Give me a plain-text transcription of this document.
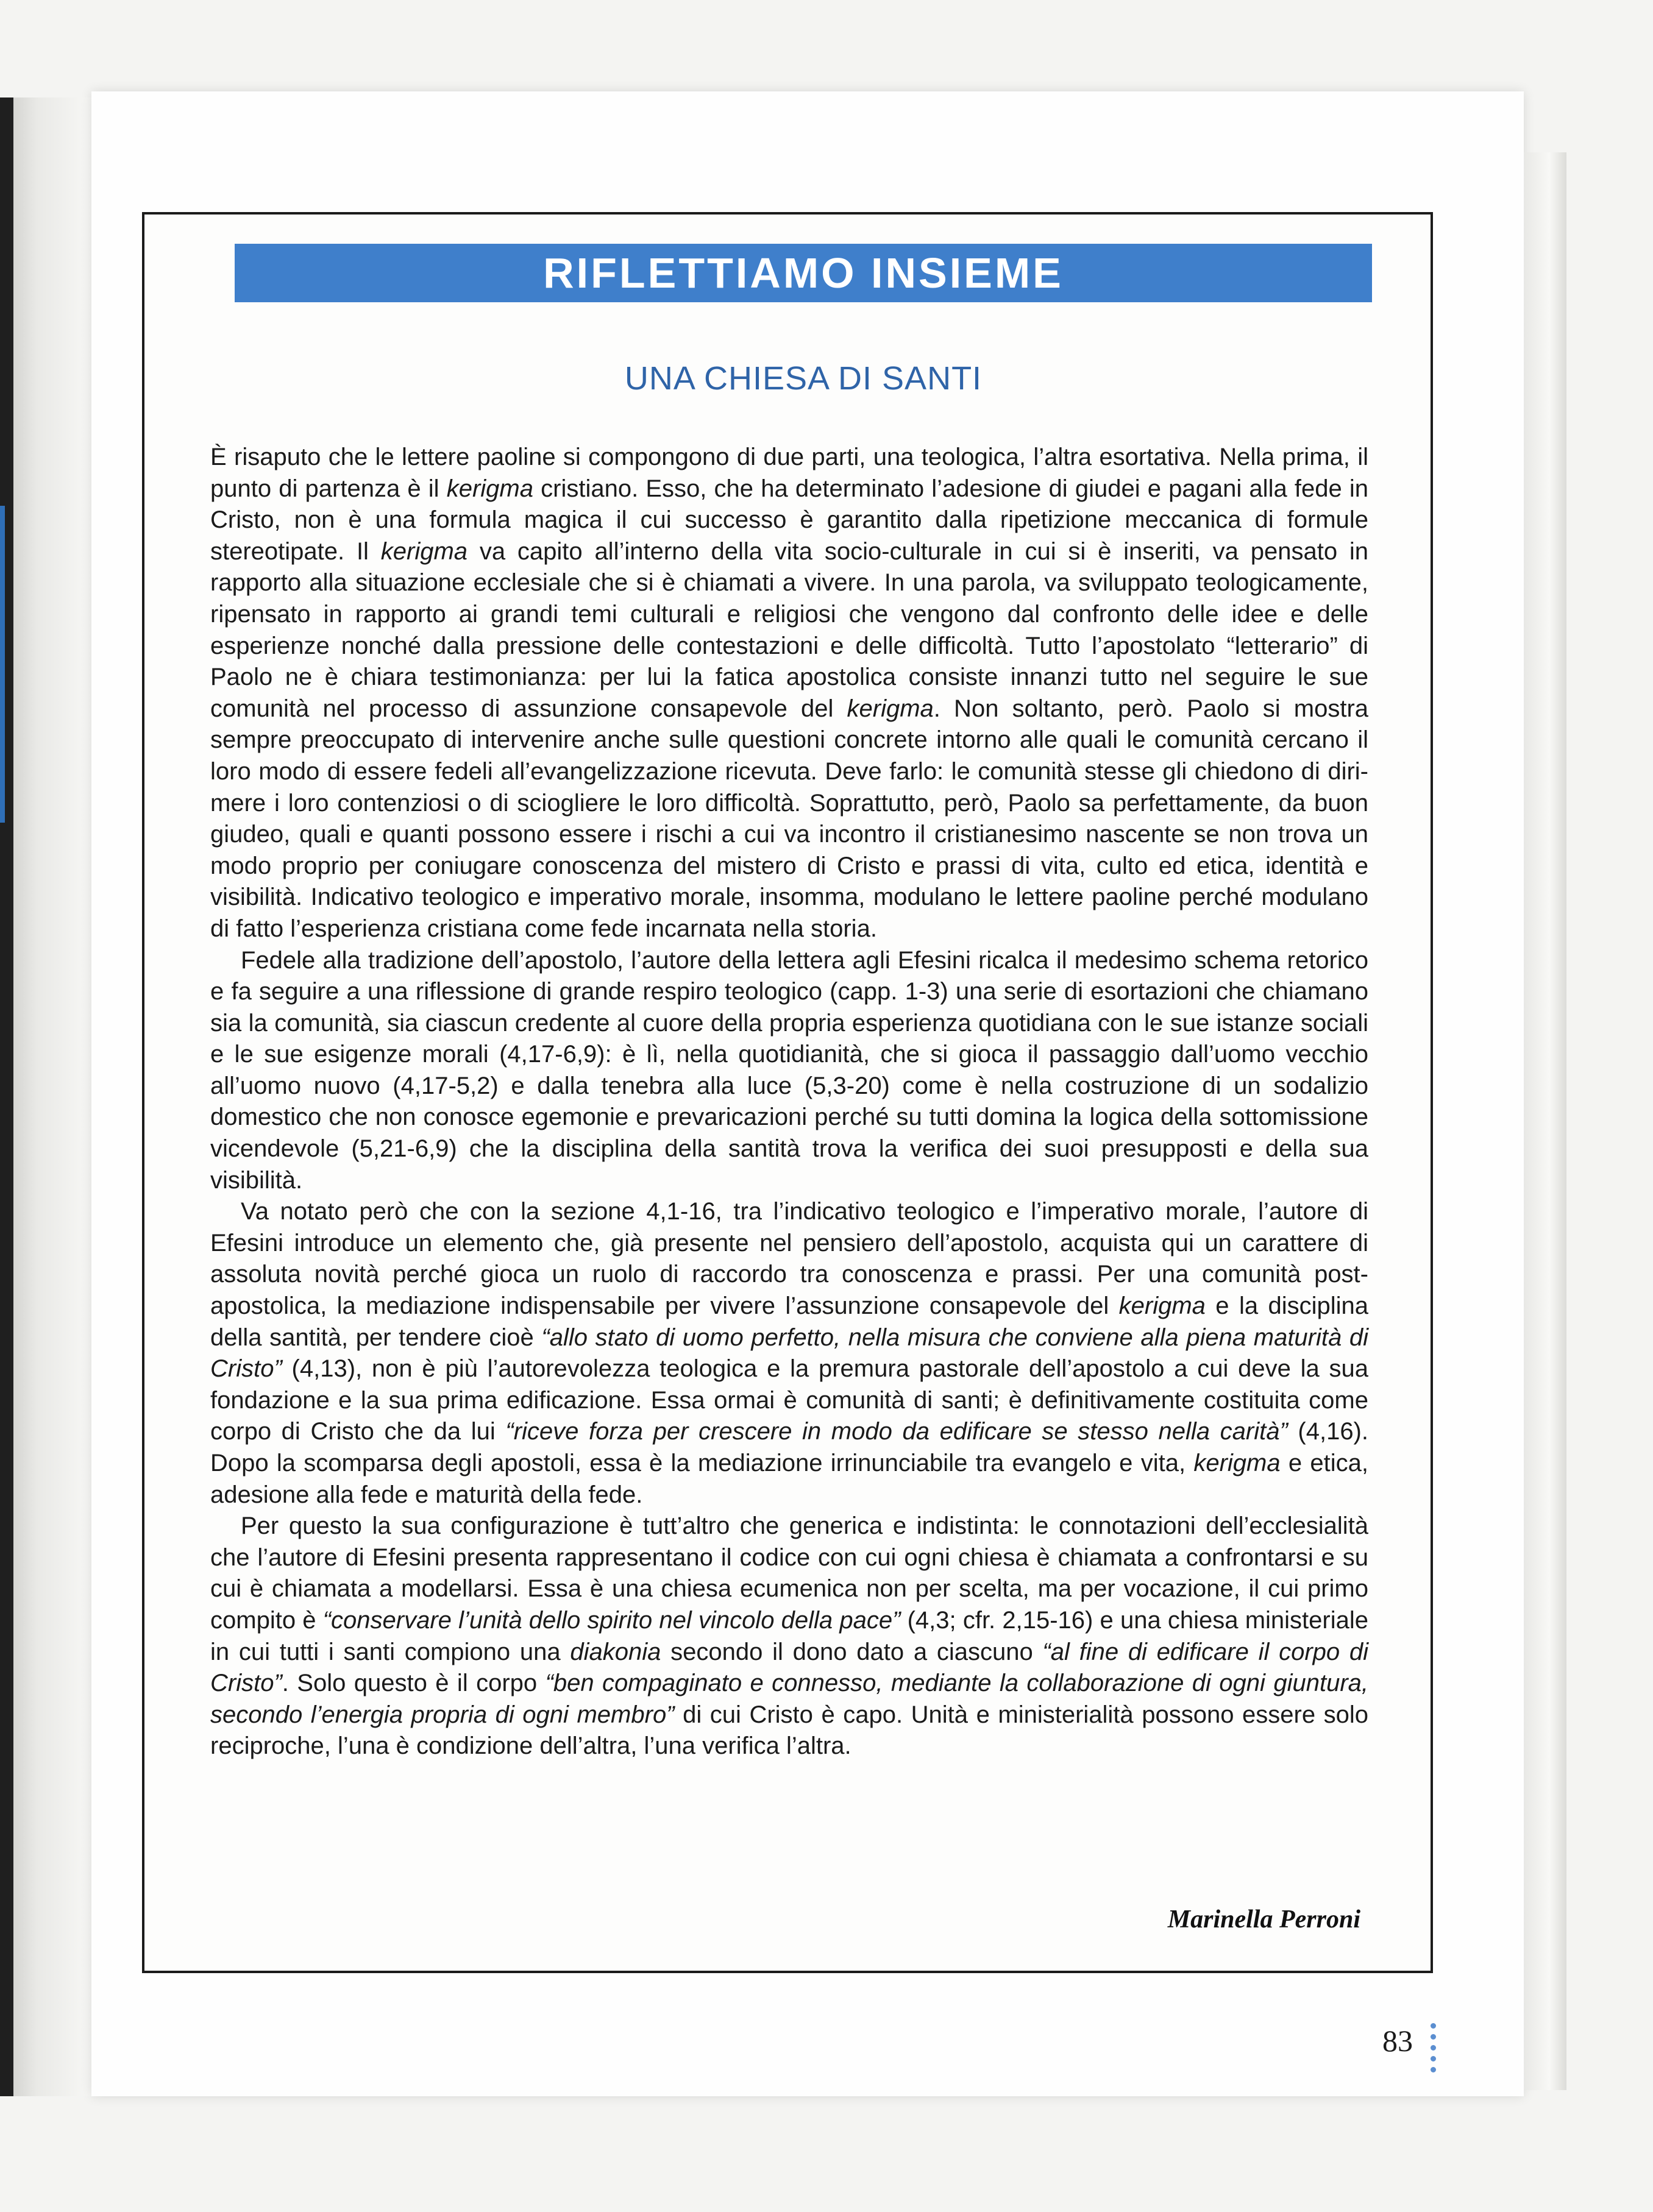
RIFLETTIAMO INSIEME
UNA CHIESA DI SANTI

È risaputo che le lettere paoline si compongono di due parti, una teologica, l’altra esortativa. Nella prima, il punto di partenza è il kerigma cristiano. Esso, che ha determinato l’adesione di giudei e pagani alla fede in Cristo, non è una formula magica il cui successo è garantito dalla ripetizione meccanica di formule stereotipate. Il kerigma va capito all’interno della vita socio-culturale in cui si è inseriti, va pensato in rapporto alla situazione ecclesiale che si è chiamati a vivere. In una parola, va sviluppato teologicamente, ripensato in rapporto ai grandi temi culturali e religiosi che vengono dal confronto delle idee e delle esperienze nonché dalla pressione delle contestazioni e delle difficoltà. Tutto l’apostolato “letterario” di Paolo ne è chiara testimonianza: per lui la fatica apostolica consiste innanzi tutto nel seguire le sue comunità nel processo di assunzione consapevole del kerigma. Non soltanto, però. Paolo si mostra sempre preoccupato di intervenire anche sulle questioni concrete intorno alle quali le comunità cercano il loro modo di essere fedeli all’evangelizzazione ricevuta. Deve farlo: le comunità stesse gli chiedono di dirimere i loro contenziosi o di sciogliere le loro difficoltà. Soprattutto, però, Paolo sa perfettamente, da buon giudeo, quali e quanti possono essere i rischi a cui va incontro il cristianesimo nascente se non trova un modo proprio per coniugare conoscenza del mistero di Cristo e prassi di vita, culto ed etica, identità e visibilità. Indicativo teologico e imperativo morale, insomma, modulano le lettere paoline perché modulano di fatto l’esperienza cristiana come fede incarnata nella storia.

Fedele alla tradizione dell’apostolo, l’autore della lettera agli Efesini ricalca il medesimo schema retorico e fa seguire a una riflessione di grande respiro teologico (capp. 1-3) una serie di esortazioni che chiamano sia la comunità, sia ciascun credente al cuore della propria esperienza quotidiana con le sue istanze sociali e le sue esigenze morali (4,17-6,9): è lì, nella quotidianità, che si gioca il passaggio dall’uomo vecchio all’uomo nuovo (4,17-5,2) e dalla tenebra alla luce (5,3-20) come è nella costruzione di un sodalizio domestico che non conosce egemonie e prevaricazioni perché su tutti domina la logica della sottomissione vicendevole (5,21-6,9) che la disciplina della santità trova la verifica dei suoi presupposti e della sua visibilità.

Va notato però che con la sezione 4,1-16, tra l’indicativo teologico e l’imperativo morale, l’autore di Efesini introduce un elemento che, già presente nel pensiero dell’apostolo, acquista qui un carattere di assoluta novità perché gioca un ruolo di raccordo tra conoscenza e prassi. Per una comunità post-apostolica, la mediazione indispensabile per vivere l’assunzione consapevole del kerigma e la disciplina della santità, per tendere cioè “allo stato di uomo perfetto, nella misura che conviene alla piena maturità di Cristo” (4,13), non è più l’autorevolezza teologica e la premura pastorale dell’apostolo a cui deve la sua fondazione e la sua prima edificazione. Essa ormai è comunità di santi; è definitivamente costituita come corpo di Cristo che da lui “riceve forza per crescere in modo da edificare se stesso nella carità” (4,16). Dopo la scomparsa degli apostoli, essa è la mediazione irrinunciabile tra evangelo e vita, kerigma e etica, adesione alla fede e maturità della fede.

Per questo la sua configurazione è tutt’altro che generica e indistinta: le connotazioni dell’ecclesialità che l’autore di Efesini presenta rappresentano il codice con cui ogni chiesa è chiamata a confrontarsi e su cui è chiamata a modellarsi. Essa è una chiesa ecumenica non per scelta, ma per vocazione, il cui primo compito è “conservare l’unità dello spirito nel vincolo della pace” (4,3; cfr. 2,15-16) e una chiesa ministeriale in cui tutti i santi compiono una diakonia secondo il dono dato a ciascuno “al fine di edificare il corpo di Cristo”. Solo questo è il corpo “ben compaginato e connesso, mediante la collaborazione di ogni giuntura, secondo l’energia propria di ogni membro” di cui Cristo è capo. Unità e ministerialità possono essere solo reciproche, l’una è condizione dell’altra, l’una verifica l’altra.

Marinella Perroni
83
